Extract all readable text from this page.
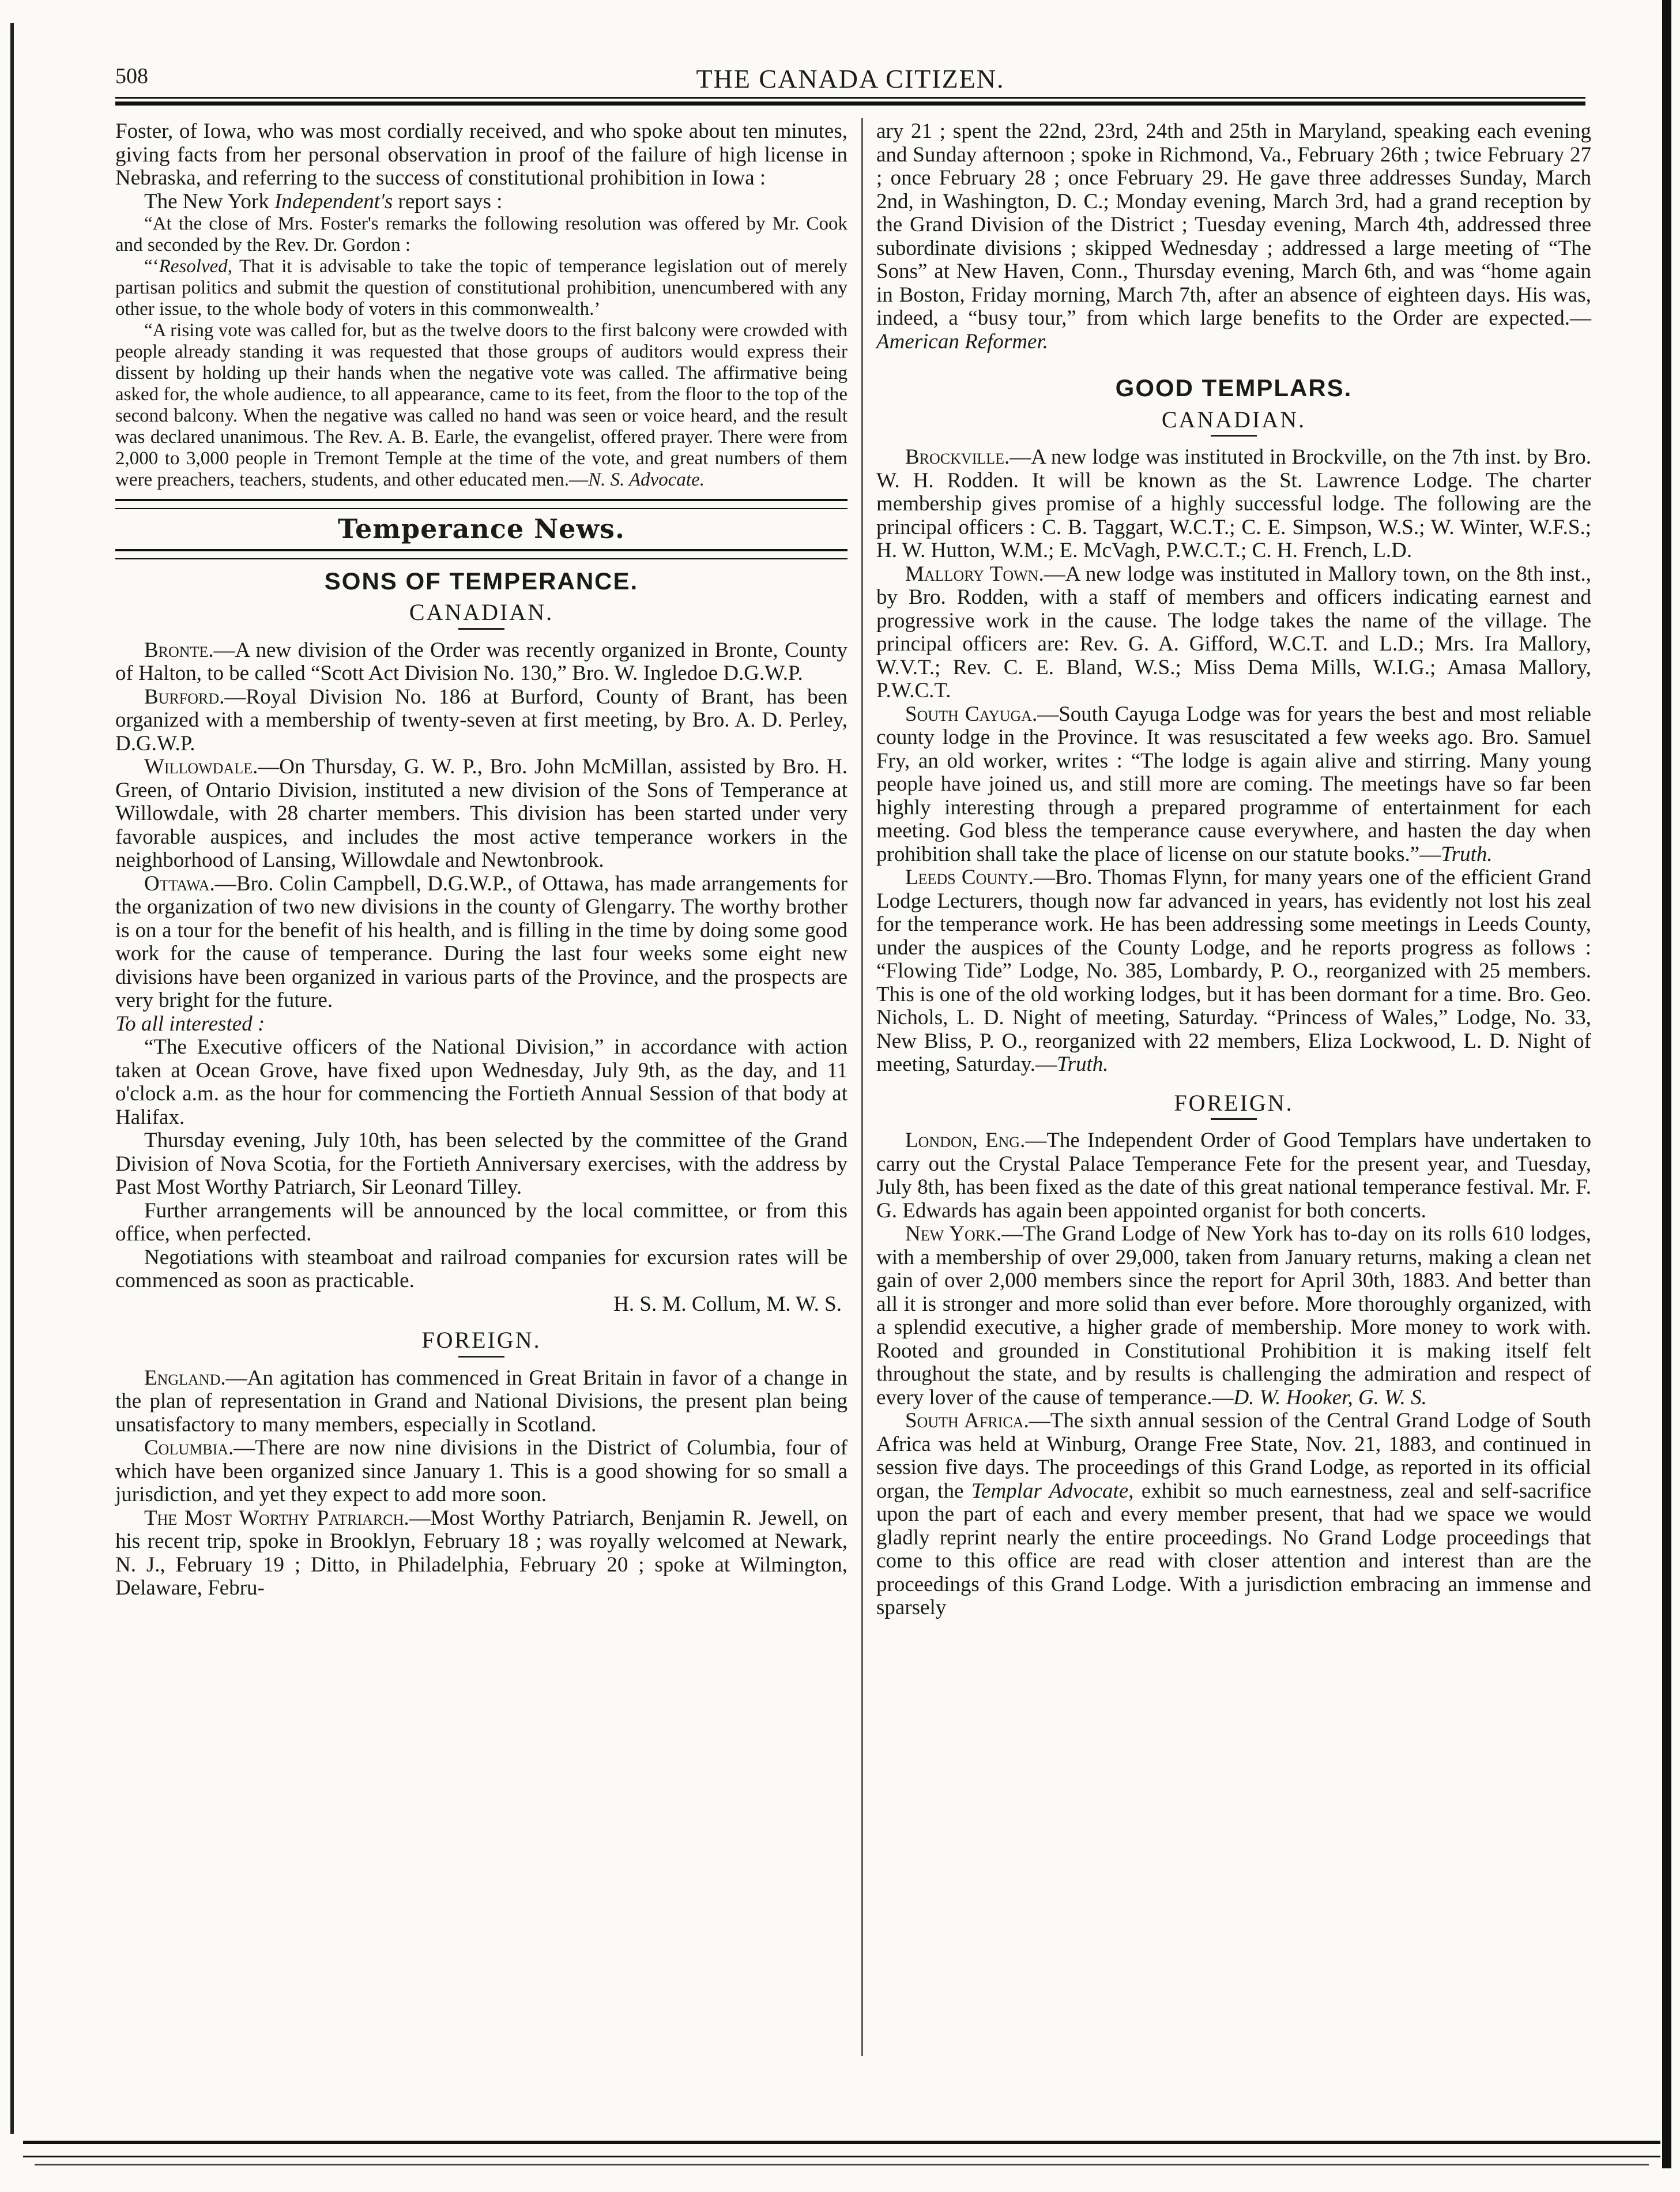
508	THE CANADA CITIZEN.

Foster, of Iowa, who was most cordially received, and who spoke about ten minutes, giving facts from her personal observation in proof of the failure of high license in Nebraska, and referring to the success of constitutional prohibition in Iowa :

The New York Independent's report says :

“At the close of Mrs. Foster's remarks the following resolution was offered by Mr. Cook and seconded by the Rev. Dr. Gordon :

“‘Resolved, That it is advisable to take the topic of temperance legislation out of merely partisan politics and submit the question of constitutional prohibition, unencumbered with any other issue, to the whole body of voters in this commonwealth.’

“A rising vote was called for, but as the twelve doors to the first balcony were crowded with people already standing it was requested that those groups of auditors would express their dissent by holding up their hands when the negative vote was called. The affirmative being asked for, the whole audience, to all appearance, came to its feet, from the floor to the top of the second balcony. When the negative was called no hand was seen or voice heard, and the result was declared unanimous. The Rev. A. B. Earle, the evangelist, offered prayer. There were from 2,000 to 3,000 people in Tremont Temple at the time of the vote, and great numbers of them were preachers, teachers, students, and other educated men.—N. S. Advocate.

Temperance News.
SONS OF TEMPERANCE.
CANADIAN.

Bronte.—A new division of the Order was recently organized in Bronte, County of Halton, to be called “Scott Act Division No. 130,” Bro. W. Ingledoe D.G.W.P.

Burford.—Royal Division No. 186 at Burford, County of Brant, has been organized with a membership of twenty-seven at first meeting, by Bro. A. D. Perley, D.G.W.P.

Willowdale.—On Thursday, G. W. P., Bro. John McMillan, assisted by Bro. H. Green, of Ontario Division, instituted a new division of the Sons of Temperance at Willowdale, with 28 charter members. This division has been started under very favorable auspices, and includes the most active temperance workers in the neighborhood of Lansing, Willowdale and Newtonbrook.

Ottawa.—Bro. Colin Campbell, D.G.W.P., of Ottawa, has made arrangements for the organization of two new divisions in the county of Glengarry. The worthy brother is on a tour for the benefit of his health, and is filling in the time by doing some good work for the cause of temperance. During the last four weeks some eight new divisions have been organized in various parts of the Province, and the prospects are very bright for the future.

To all interested :

“The Executive officers of the National Division,” in accordance with action taken at Ocean Grove, have fixed upon Wednesday, July 9th, as the day, and 11 o'clock a.m. as the hour for commencing the Fortieth Annual Session of that body at Halifax.

Thursday evening, July 10th, has been selected by the committee of the Grand Division of Nova Scotia, for the Fortieth Anniversary exercises, with the address by Past Most Worthy Patriarch, Sir Leonard Tilley.

Further arrangements will be announced by the local committee, or from this office, when perfected.

Negotiations with steamboat and railroad companies for excursion rates will be commenced as soon as practicable.

H. S. M. Collum, M. W. S.

FOREIGN.

England.—An agitation has commenced in Great Britain in favor of a change in the plan of representation in Grand and National Divisions, the present plan being unsatisfactory to many members, especially in Scotland.

Columbia.—There are now nine divisions in the District of Columbia, four of which have been organized since January 1. This is a good showing for so small a jurisdiction, and yet they expect to add more soon.

The Most Worthy Patriarch.—Most Worthy Patriarch, Benjamin R. Jewell, on his recent trip, spoke in Brooklyn, February 18 ; was royally welcomed at Newark, N. J., February 19 ; Ditto, in Philadelphia, February 20 ; spoke at Wilmington, Delaware, Febru-

ary 21 ; spent the 22nd, 23rd, 24th and 25th in Maryland, speaking each evening and Sunday afternoon ; spoke in Richmond, Va., February 26th ; twice February 27 ; once February 28 ; once February 29. He gave three addresses Sunday, March 2nd, in Washington, D. C.; Monday evening, March 3rd, had a grand reception by the Grand Division of the District ; Tuesday evening, March 4th, addressed three subordinate divisions ; skipped Wednesday ; addressed a large meeting of “The Sons” at New Haven, Conn., Thursday evening, March 6th, and was “home again in Boston, Friday morning, March 7th, after an absence of eighteen days. His was, indeed, a “busy tour,” from which large benefits to the Order are expected.—American Reformer.

GOOD TEMPLARS.
CANADIAN.

Brockville.—A new lodge was instituted in Brockville, on the 7th inst. by Bro. W. H. Rodden. It will be known as the St. Lawrence Lodge. The charter membership gives promise of a highly successful lodge. The following are the principal officers : C. B. Taggart, W.C.T.; C. E. Simpson, W.S.; W. Winter, W.F.S.; H. W. Hutton, W.M.; E. McVagh, P.W.C.T.; C. H. French, L.D.

Mallory Town.—A new lodge was instituted in Mallory town, on the 8th inst., by Bro. Rodden, with a staff of members and officers indicating earnest and progressive work in the cause. The lodge takes the name of the village. The principal officers are: Rev. G. A. Gifford, W.C.T. and L.D.; Mrs. Ira Mallory, W.V.T.; Rev. C. E. Bland, W.S.; Miss Dema Mills, W.I.G.; Amasa Mallory, P.W.C.T.

South Cayuga.—South Cayuga Lodge was for years the best and most reliable county lodge in the Province. It was resuscitated a few weeks ago. Bro. Samuel Fry, an old worker, writes : “The lodge is again alive and stirring. Many young people have joined us, and still more are coming. The meetings have so far been highly interesting through a prepared programme of entertainment for each meeting. God bless the temperance cause everywhere, and hasten the day when prohibition shall take the place of license on our statute books.”—Truth.

Leeds County.—Bro. Thomas Flynn, for many years one of the efficient Grand Lodge Lecturers, though now far advanced in years, has evidently not lost his zeal for the temperance work. He has been addressing some meetings in Leeds County, under the auspices of the County Lodge, and he reports progress as follows : “Flowing Tide” Lodge, No. 385, Lombardy, P. O., reorganized with 25 members. This is one of the old working lodges, but it has been dormant for a time. Bro. Geo. Nichols, L. D. Night of meeting, Saturday. “Princess of Wales,” Lodge, No. 33, New Bliss, P. O., reorganized with 22 members, Eliza Lockwood, L. D. Night of meeting, Saturday.—Truth.

FOREIGN.

London, Eng.—The Independent Order of Good Templars have undertaken to carry out the Crystal Palace Temperance Fete for the present year, and Tuesday, July 8th, has been fixed as the date of this great national temperance festival. Mr. F. G. Edwards has again been appointed organist for both concerts.

New York.—The Grand Lodge of New York has to-day on its rolls 610 lodges, with a membership of over 29,000, taken from January returns, making a clean net gain of over 2,000 members since the report for April 30th, 1883. And better than all it is stronger and more solid than ever before. More thoroughly organized, with a splendid executive, a higher grade of membership. More money to work with. Rooted and grounded in Constitutional Prohibition it is making itself felt throughout the state, and by results is challenging the admiration and respect of every lover of the cause of temperance.—D. W. Hooker, G. W. S.

South Africa.—The sixth annual session of the Central Grand Lodge of South Africa was held at Winburg, Orange Free State, Nov. 21, 1883, and continued in session five days. The proceedings of this Grand Lodge, as reported in its official organ, the Templar Advocate, exhibit so much earnestness, zeal and self-sacrifice upon the part of each and every member present, that had we space we would gladly reprint nearly the entire proceedings. No Grand Lodge proceedings that come to this office are read with closer attention and interest than are the proceedings of this Grand Lodge. With a jurisdiction embracing an immense and sparsely
